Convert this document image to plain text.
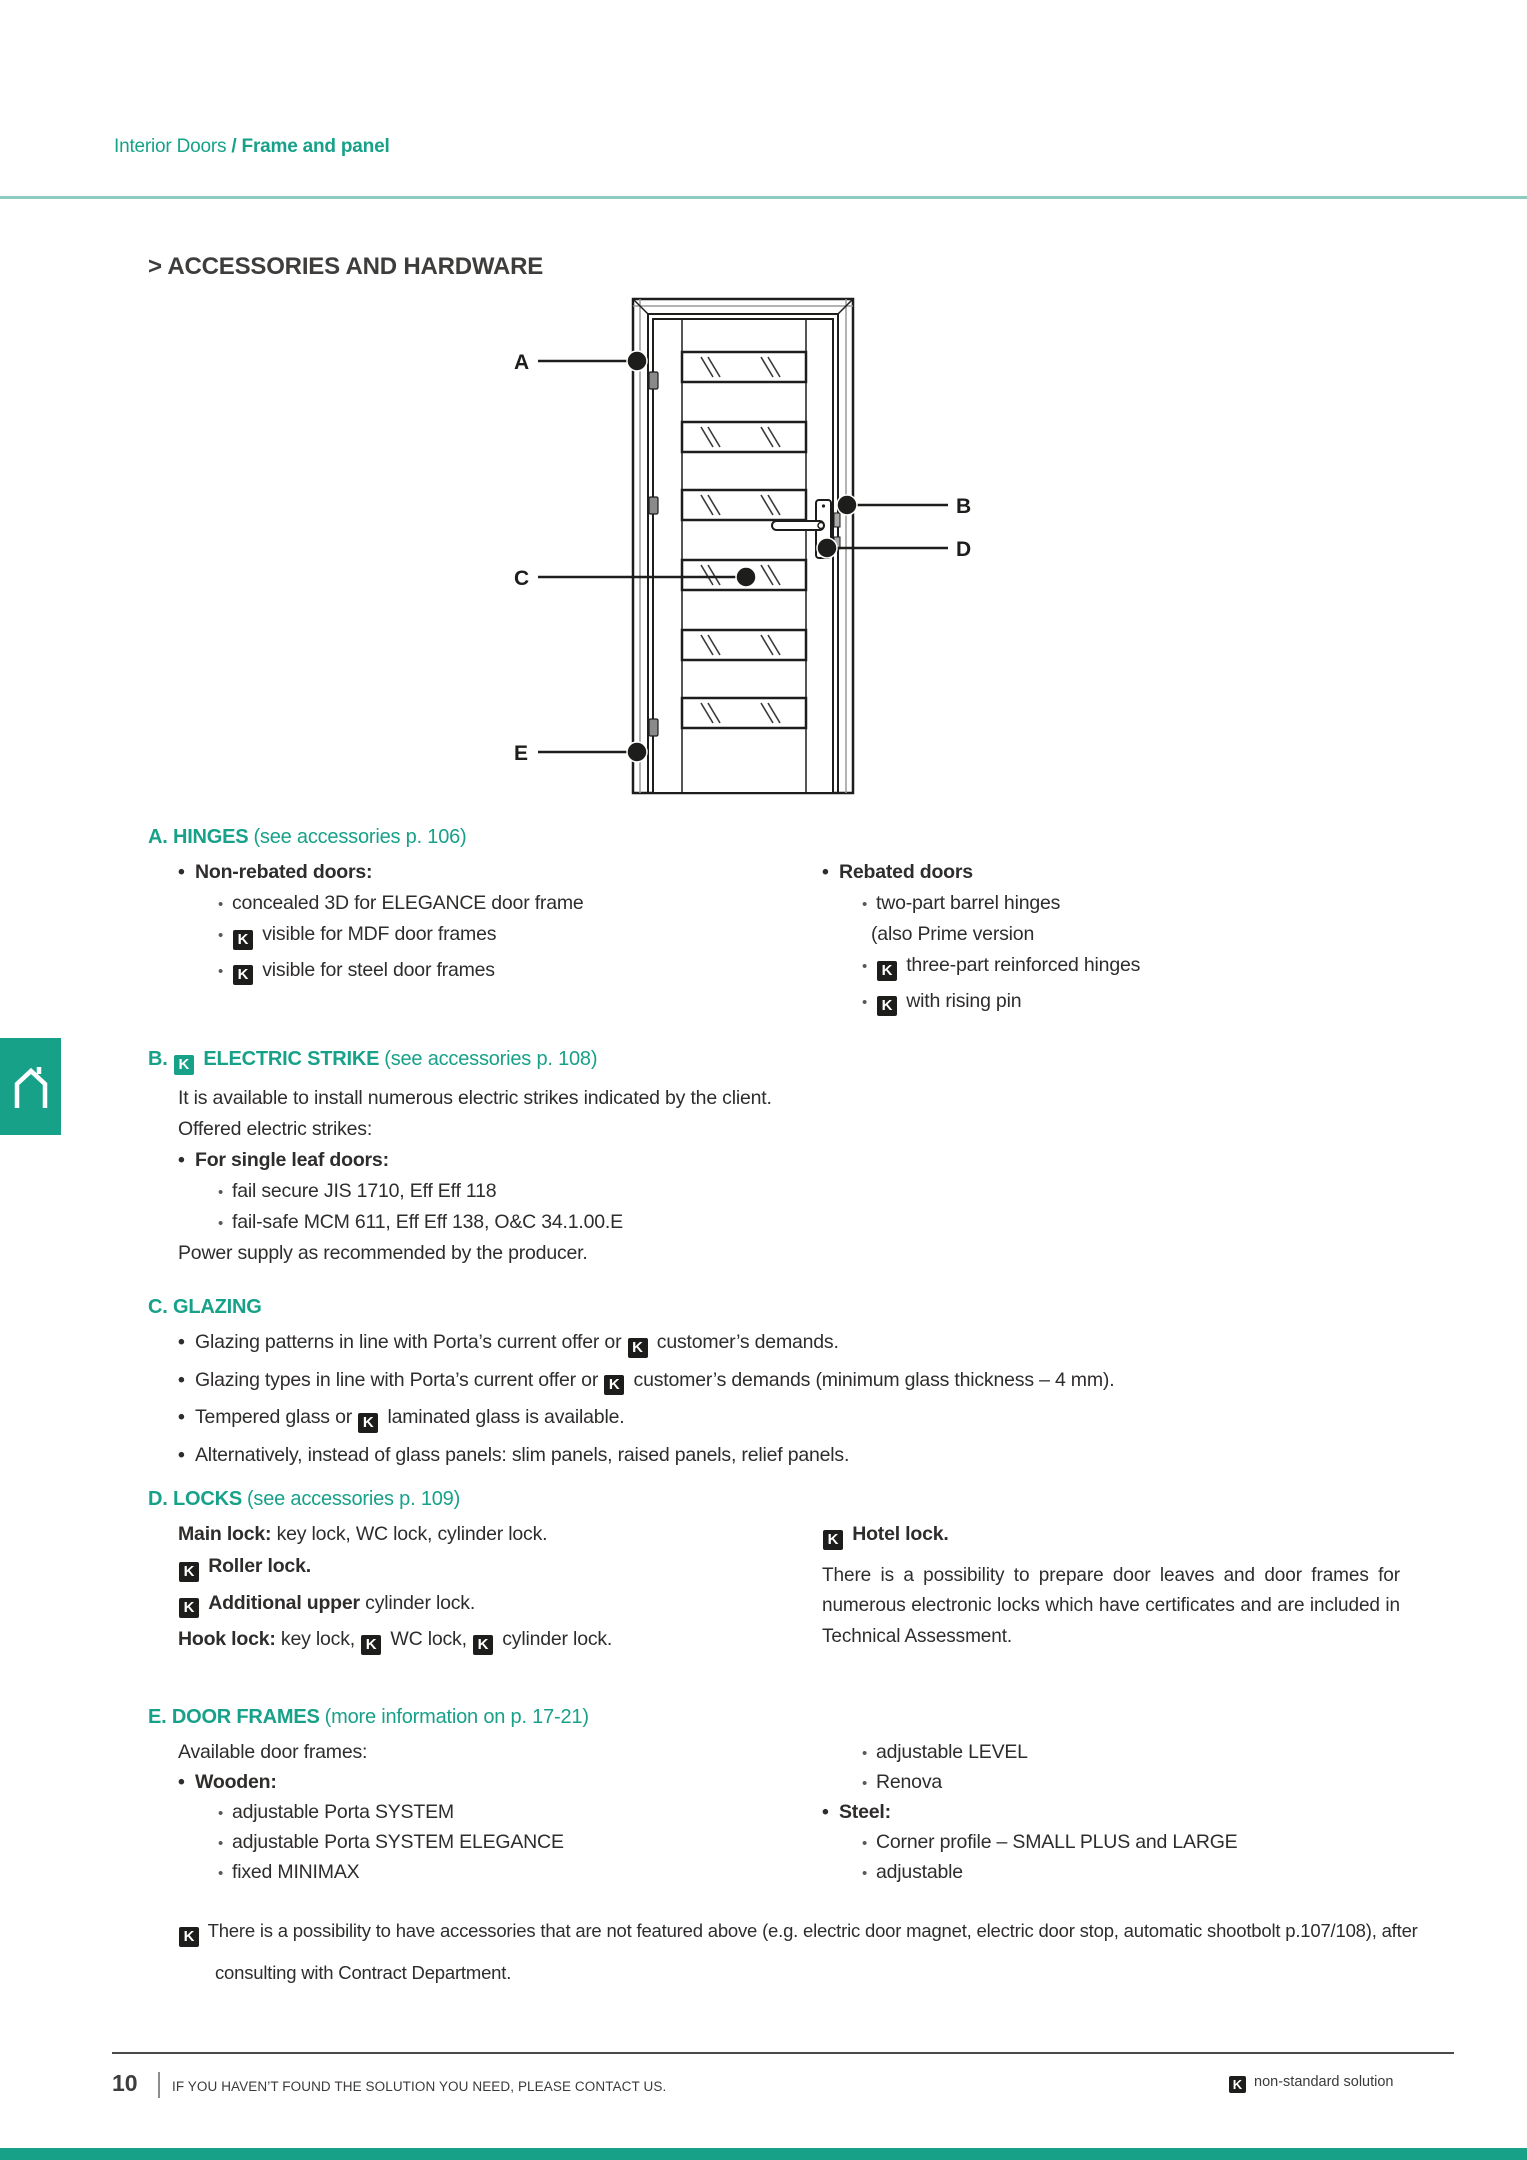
Interior Doors / Frame and panel
> ACCESSORIES AND HARDWARE
A
B
C
D
E
A. HINGES (see accessories p. 106)
• Non-rebated doors:
• concealed 3D for ELEGANCE door frame
• K visible for MDF door frames
• K visible for steel door frames
• Rebated doors
• two-part barrel hinges
(also Prime version
• K three-part reinforced hinges
• K with rising pin
B. K ELECTRIC STRIKE (see accessories p. 108)
It is available to install numerous electric strikes indicated by the client.
Offered electric strikes:
• For single leaf doors:
• fail secure JIS 1710, Eff Eff 118
• fail-safe MCM 611, Eff Eff 138, O&C 34.1.00.E
Power supply as recommended by the producer.
C. GLAZING
• Glazing patterns in line with Porta’s current offer or K customer’s demands.
• Glazing types in line with Porta’s current offer or K customer’s demands (minimum glass thickness – 4 mm).
• Tempered glass or K laminated glass is available.
• Alternatively, instead of glass panels: slim panels, raised panels, relief panels.
D. LOCKS (see accessories p. 109)
Main lock: key lock, WC lock, cylinder lock.
K Roller lock.
K Additional upper cylinder lock.
Hook lock: key lock, K WC lock, K cylinder lock.
K Hotel lock.
There is a possibility to prepare door leaves and door frames for numerous electronic locks which have certificates and are included in Technical Assessment.
E. DOOR FRAMES (more information on p. 17-21)
Available door frames:
• Wooden:
• adjustable Porta SYSTEM
• adjustable Porta SYSTEM ELEGANCE
• fixed MINIMAX
• adjustable LEVEL
• Renova
• Steel:
• Corner profile – SMALL PLUS and LARGE
• adjustable
K There is a possibility to have accessories that are not featured above (e.g. electric door magnet, electric door stop, automatic shootbolt p.107/108), after
consulting with Contract Department.
10	IF YOU HAVEN’T FOUND THE SOLUTION YOU NEED, PLEASE CONTACT US.	K non-standard solution
